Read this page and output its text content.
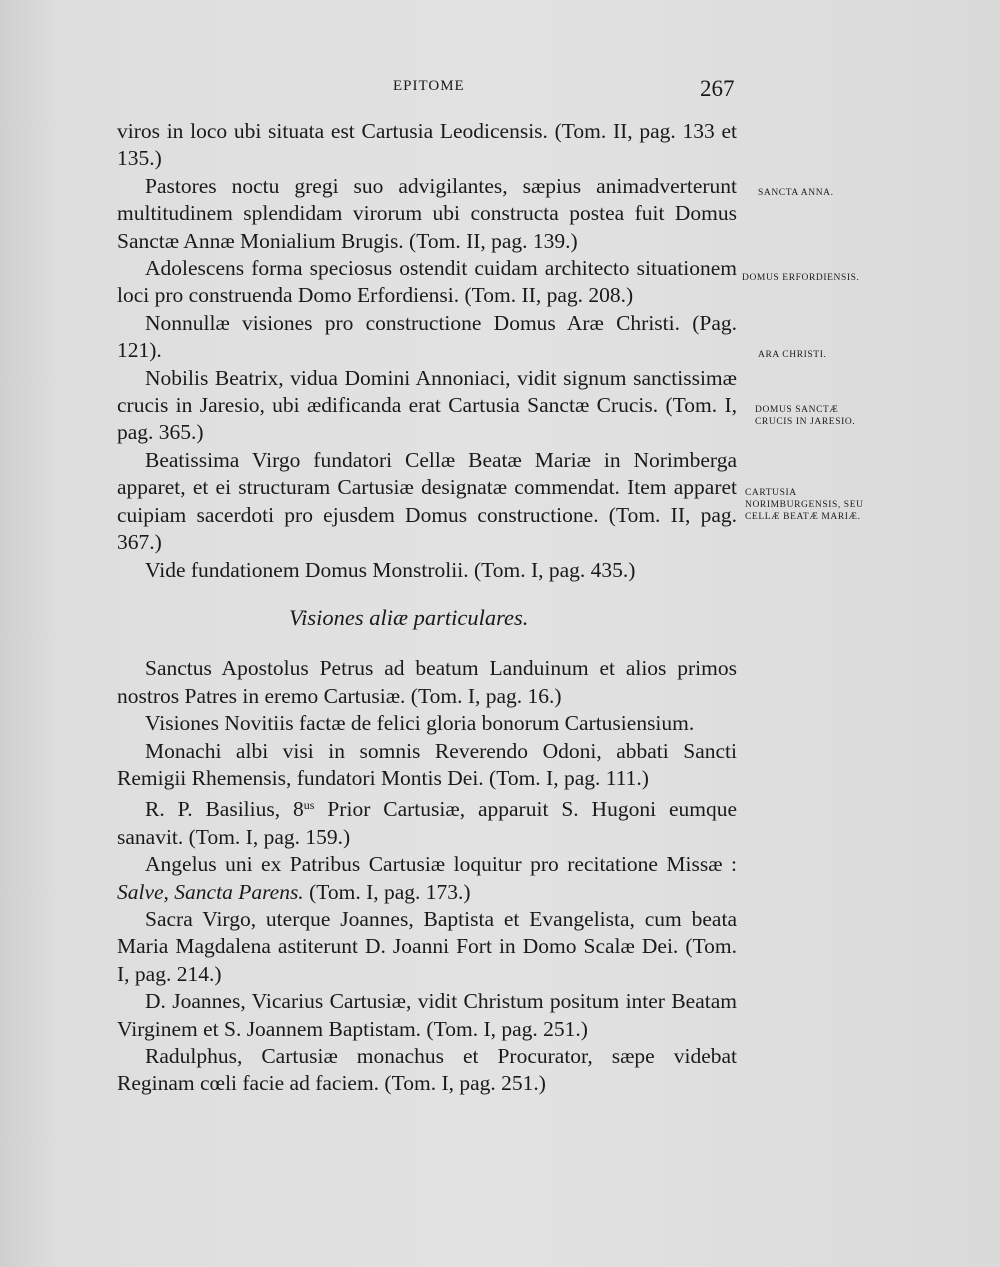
EPITOME	267
SANCTA ANNA.
DOMUS ERFORDIENSIS.
ARA CHRISTI.
DOMUS SANCTÆ CRUCIS IN JARESIO.
CARTUSIA NORIMBURGENSIS, SEU CELLÆ BEATÆ MARIÆ.

viros in loco ubi situata est Cartusia Leodicensis. (Tom. II, pag. 133 et 135.)

Pastores noctu gregi suo advigilantes, sæpius animadverterunt multitudinem splendidam virorum ubi constructa postea fuit Domus Sanctæ Annæ Monialium Brugis. (Tom. II, pag. 139.)

Adolescens forma speciosus ostendit cuidam architecto situationem loci pro construenda Domo Erfordiensi. (Tom. II, pag. 208.)

Nonnullæ visiones pro constructione Domus Aræ Christi. (Pag. 121).

Nobilis Beatrix, vidua Domini Annoniaci, vidit signum sanctissimæ crucis in Jaresio, ubi ædificanda erat Cartusia Sanctæ Crucis. (Tom. I, pag. 365.)

Beatissima Virgo fundatori Cellæ Beatæ Mariæ in Norimberga apparet, et ei structuram Cartusiæ designatæ commendat. Item apparet cuipiam sacerdoti pro ejusdem Domus constructione. (Tom. II, pag. 367.)

Vide fundationem Domus Monstrolii. (Tom. I, pag. 435.)

Visiones aliæ particulares.

Sanctus Apostolus Petrus ad beatum Landuinum et alios primos nostros Patres in eremo Cartusiæ. (Tom. I, pag. 16.)

Visiones Novitiis factæ de felici gloria bonorum Cartusiensium.

Monachi albi visi in somnis Reverendo Odoni, abbati Sancti Remigii Rhemensis, fundatori Montis Dei. (Tom. I, pag. 111.)

R. P. Basilius, $8^{us}$ Prior Cartusiæ, apparuit S. Hugoni eumque sanavit. (Tom. I, pag. 159.)

Angelus uni ex Patribus Cartusiæ loquitur pro recitatione Missæ : Salve, Sancta Parens. (Tom. I, pag. 173.)

Sacra Virgo, uterque Joannes, Baptista et Evangelista, cum beata Maria Magdalena astiterunt D. Joanni Fort in Domo Scalæ Dei. (Tom. I, pag. 214.)

D. Joannes, Vicarius Cartusiæ, vidit Christum positum inter Beatam Virginem et S. Joannem Baptistam. (Tom. I, pag. 251.)

Radulphus, Cartusiæ monachus et Procurator, sæpe videbat Reginam cœli facie ad faciem. (Tom. I, pag. 251.)
